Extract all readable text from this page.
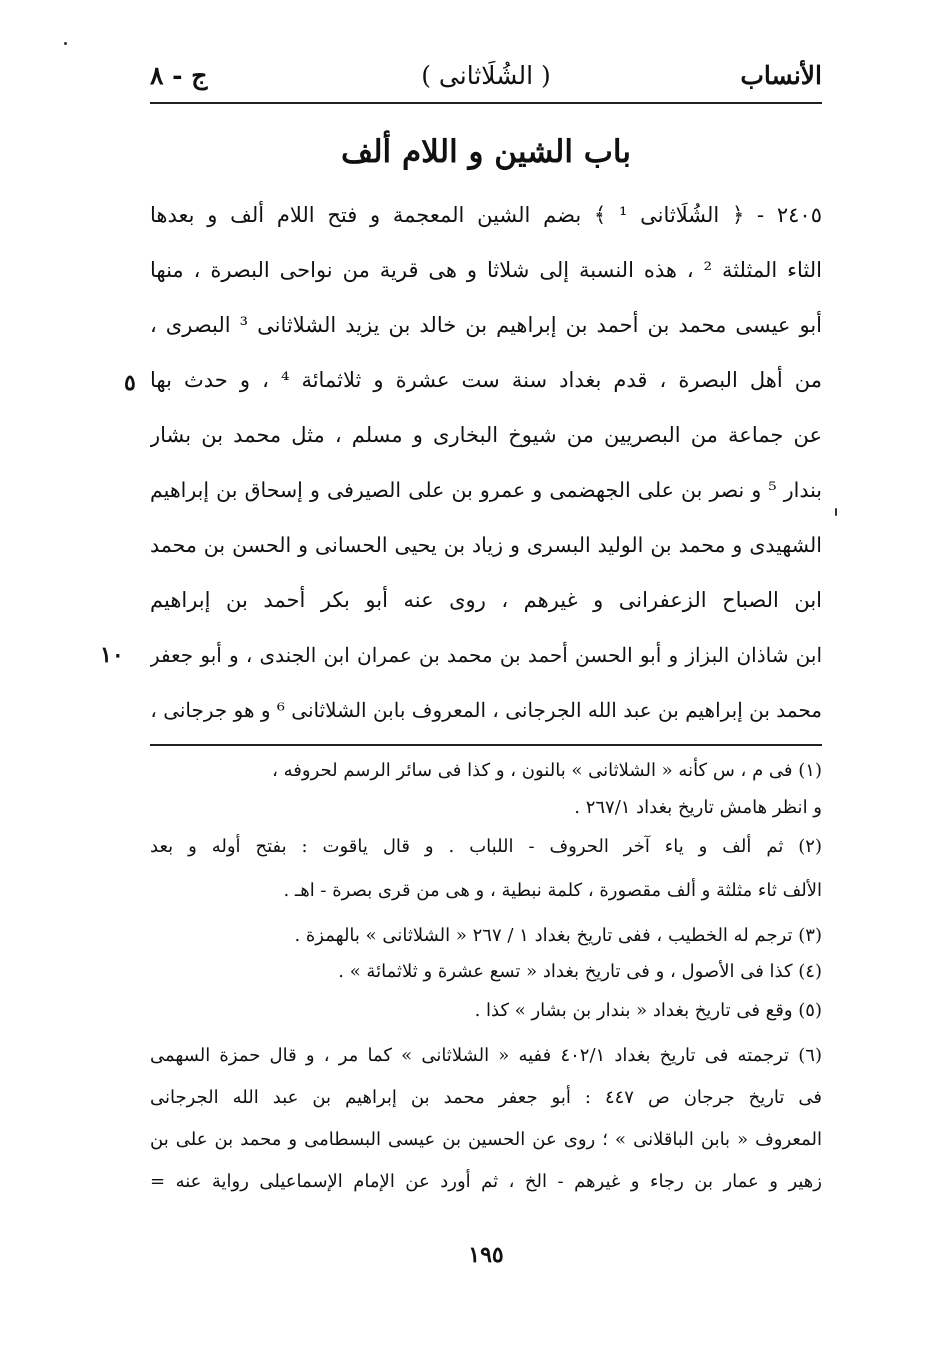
الأنساب
( الشُلَاثانى )
ج - ٨
باب الشين و اللام ألف
٢٤٠٥ - ﴿ الشُلَاثانى ¹ ﴾ بضم الشين المعجمة و فتح اللام ألف و بعدها
الثاء المثلثة ² ، هذه النسبة إلى شلاثا و هى قرية من نواحى البصرة ، منها
أبو عيسى محمد بن أحمد بن إبراهيم بن خالد بن يزيد الشلاثانى ³ البصرى ،
من أهل البصرة ، قدم بغداد سنة ست عشرة و ثلاثمائة ⁴ ، و حدث بها
عن جماعة من البصريين من شيوخ البخارى و مسلم ، مثل محمد بن بشار
بندار ⁵ و نصر بن على الجهضمى و عمرو بن على الصيرفى و إسحاق بن إبراهيم
الشهيدى و محمد بن الوليد البسرى و زياد بن يحيى الحسانى و الحسن بن محمد
ابن الصباح الزعفرانى و غيرهم ، روى عنه أبو بكر أحمد بن إبراهيم
ابن شاذان البزاز و أبو الحسن أحمد بن محمد بن عمران ابن الجندى ، و أبو جعفر
محمد بن إبراهيم بن عبد الله الجرجانى ، المعروف بابن الشلاثانى ⁶ و هو جرجانى ،
٥
١٠
(١) فى م ، س كأنه « الشلاثانى » بالنون ، و كذا فى سائر الرسم لحروفه ،
و انظر هامش تاريخ بغداد ٢٦٧/١ .
(٢) ثم ألف و ياء آخر الحروف - اللباب . و قال ياقوت : بفتح أوله و بعد
الألف ثاء مثلثة و ألف مقصورة ، كلمة نبطية ، و هى من قرى بصرة - اهـ .
(٣) ترجم له الخطيب ، ففى تاريخ بغداد ١ / ٢٦٧ « الشلاثانى » بالهمزة .
(٤) كذا فى الأصول ، و فى تاريخ بغداد « تسع عشرة و ثلاثمائة » .
(٥) وقع فى تاريخ بغداد « بندار بن بشار » كذا .
(٦) ترجمته فى تاريخ بغداد ٤٠٢/١ ففيه « الشلاثانى » كما مر ، و قال حمزة السهمى
فى تاريخ جرجان ص ٤٤٧ : أبو جعفر محمد بن إبراهيم بن عبد الله الجرجانى
المعروف « بابن الباقلانى » ؛ روى عن الحسين بن عيسى البسطامى و محمد بن على بن
زهير و عمار بن رجاء و غيرهم - الخ ، ثم أورد عن الإمام الإسماعيلى رواية عنه =
١٩٥
